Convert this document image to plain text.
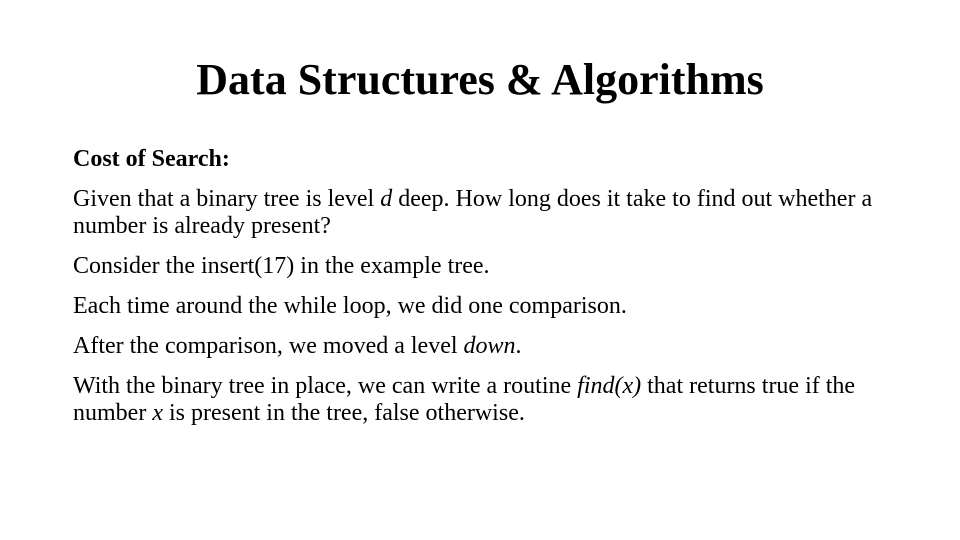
Data Structures & Algorithms

Cost of Search:

Given that a binary tree is level d deep. How long does it take to find out whether a number is already present?

Consider the insert(17) in the example tree.

Each time around the while loop, we did one comparison.

After the comparison, we moved a level down.

With the binary tree in place, we can write a routine find(x) that returns true if the number x is present in the tree, false otherwise.
